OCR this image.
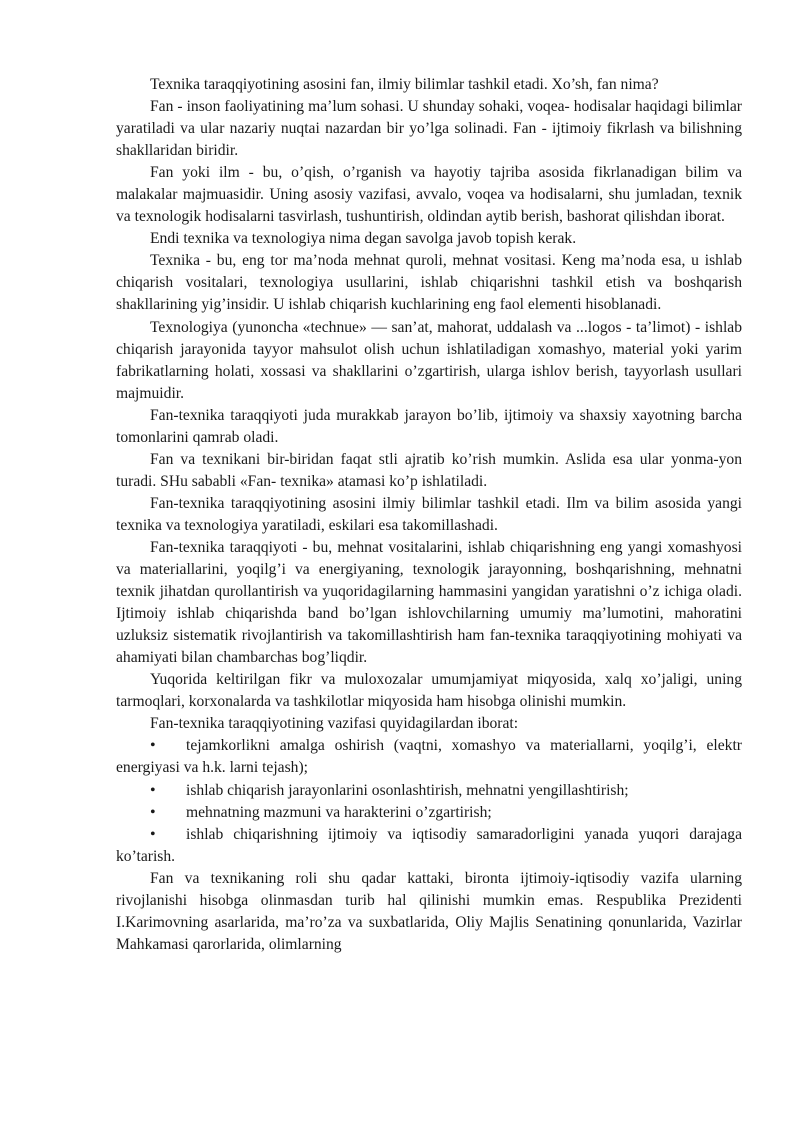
Texnika taraqqiyotining asosini fan, ilmiy bilimlar tashkil etadi. Xo’sh, fan nima?

Fan - inson faoliyatining ma’lum sohasi. U shunday sohaki, voqea- hodisalar haqidagi bilimlar yaratiladi va ular nazariy nuqtai nazardan bir yo’lga solinadi. Fan - ijtimoiy fikrlash va bilishning shakllaridan biridir.

Fan yoki ilm - bu, o’qish, o’rganish va hayotiy tajriba asosida fikrlanadigan bilim va malakalar majmuasidir. Uning asosiy vazifasi, avvalo, voqea va hodisalarni, shu jumladan, texnik va texnologik hodisalarni tasvirlash, tushuntirish, oldindan aytib berish, bashorat qilishdan iborat.

Endi texnika va texnologiya nima degan savolga javob topish kerak.

Texnika - bu, eng tor ma’noda mehnat quroli, mehnat vositasi. Keng ma’noda esa, u ishlab chiqarish vositalari, texnologiya usullarini, ishlab chiqarishni tashkil etish va boshqarish shakllarining yig’insidir. U ishlab chiqarish kuchlarining eng faol elementi hisoblanadi.

Texnologiya (yunoncha «technue» — san’at, mahorat, uddalash va ...logos - ta’limot) - ishlab chiqarish jarayonida tayyor mahsulot olish uchun ishlatiladigan xomashyo, material yoki yarim fabrikatlarning holati, xossasi va shakllarini o’zgartirish, ularga ishlov berish, tayyorlash usullari majmuidir.

Fan-texnika taraqqiyoti juda murakkab jarayon bo’lib, ijtimoiy va shaxsiy xayotning barcha tomonlarini qamrab oladi.

Fan va texnikani bir-biridan faqat stli ajratib ko’rish mumkin. Aslida esa ular yonma-yon turadi. SHu sababli «Fan- texnika» atamasi ko’p ishlatiladi.

Fan-texnika taraqqiyotining asosini ilmiy bilimlar tashkil etadi. Ilm va bilim asosida yangi texnika va texnologiya yaratiladi, eskilari esa takomillashadi.

Fan-texnika taraqqiyoti - bu, mehnat vositalarini, ishlab chiqarishning eng yangi xomashyosi va materiallarini, yoqilg’i va energiyaning, texnologik jarayonning, boshqarishning, mehnatni texnik jihatdan qurollantirish va yuqoridagilarning hammasini yangidan yaratishni o’z ichiga oladi. Ijtimoiy ishlab chiqarishda band bo’lgan ishlovchilarning umumiy ma’lumotini, mahoratini uzluksiz sistematik rivojlantirish va takomillashtirish ham fan-texnika taraqqiyotining mohiyati va ahamiyati bilan chambarchas bog’liqdir.

Yuqorida keltirilgan fikr va muloxozalar umumjamiyat miqyosida, xalq xo’jaligi, uning tarmoqlari, korxonalarda va tashkilotlar miqyosida ham hisobga olinishi mumkin.

Fan-texnika taraqqiyotining vazifasi quyidagilardan iborat:

• tejamkorlikni amalga oshirish (vaqtni, xomashyo va materiallarni, yoqilg’i, elektr energiyasi va h.k. larni tejash);

• ishlab chiqarish jarayonlarini osonlashtirish, mehnatni yengillashtirish;

• mehnatning mazmuni va harakterini o’zgartirish;

• ishlab chiqarishning ijtimoiy va iqtisodiy samaradorligini yanada yuqori darajaga ko’tarish.

Fan va texnikaning roli shu qadar kattaki, bironta ijtimoiy-iqtisodiy vazifa ularning rivojlanishi hisobga olinmasdan turib hal qilinishi mumkin emas. Respublika Prezidenti I.Karimovning asarlarida, ma’ro’za va suxbatlarida, Oliy Majlis Senatining qonunlarida, Vazirlar Mahkamasi qarorlarida, olimlarning
